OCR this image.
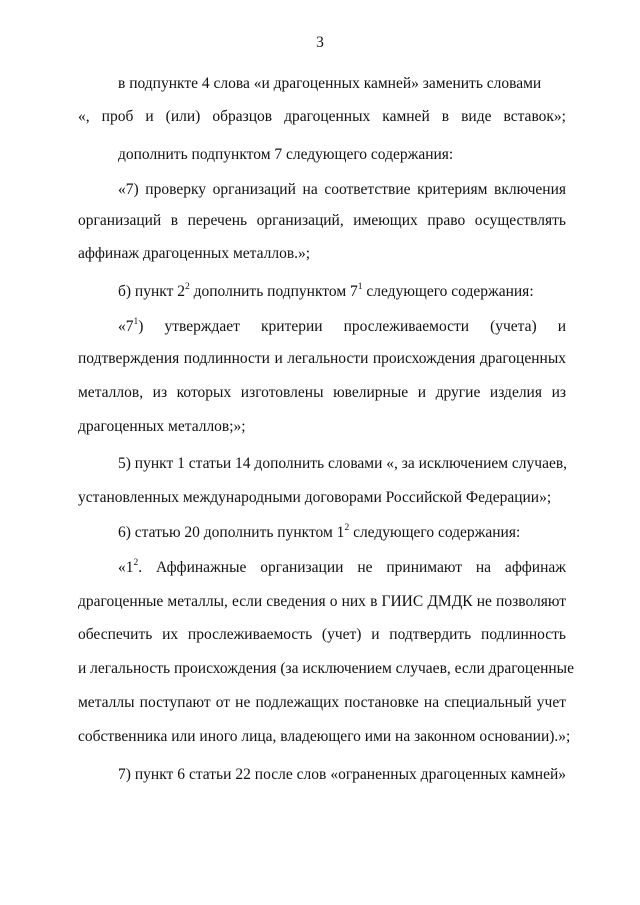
3
в подпункте 4 слова «и драгоценных камней» заменить словами
«, проб и (или) образцов драгоценных камней в виде вставок»;
дополнить подпунктом 7 следующего содержания:
«7) проверку организаций на соответствие критериям включения
организаций в перечень организаций, имеющих право осуществлять
аффинаж драгоценных металлов.»;
б) пункт $2^2$ дополнить подпунктом $7^1$ следующего содержания:
«$7^1$) утверждает критерии прослеживаемости (учета) и
подтверждения подлинности и легальности происхождения драгоценных
металлов, из которых изготовлены ювелирные и другие изделия из
драгоценных металлов;»;
5) пункт 1 статьи 14 дополнить словами «, за исключением случаев,
установленных международными договорами Российской Федерации»;
6) статью 20 дополнить пунктом $1^2$ следующего содержания:
«$1^2$. Аффинажные организации не принимают на аффинаж
драгоценные металлы, если сведения о них в ГИИС ДМДК не позволяют
обеспечить их прослеживаемость (учет) и подтвердить подлинность
и легальность происхождения (за исключением случаев, если драгоценные
металлы поступают от не подлежащих постановке на специальный учет
собственника или иного лица, владеющего ими на законном основании).»;
7) пункт 6 статьи 22 после слов «ограненных драгоценных камней»
